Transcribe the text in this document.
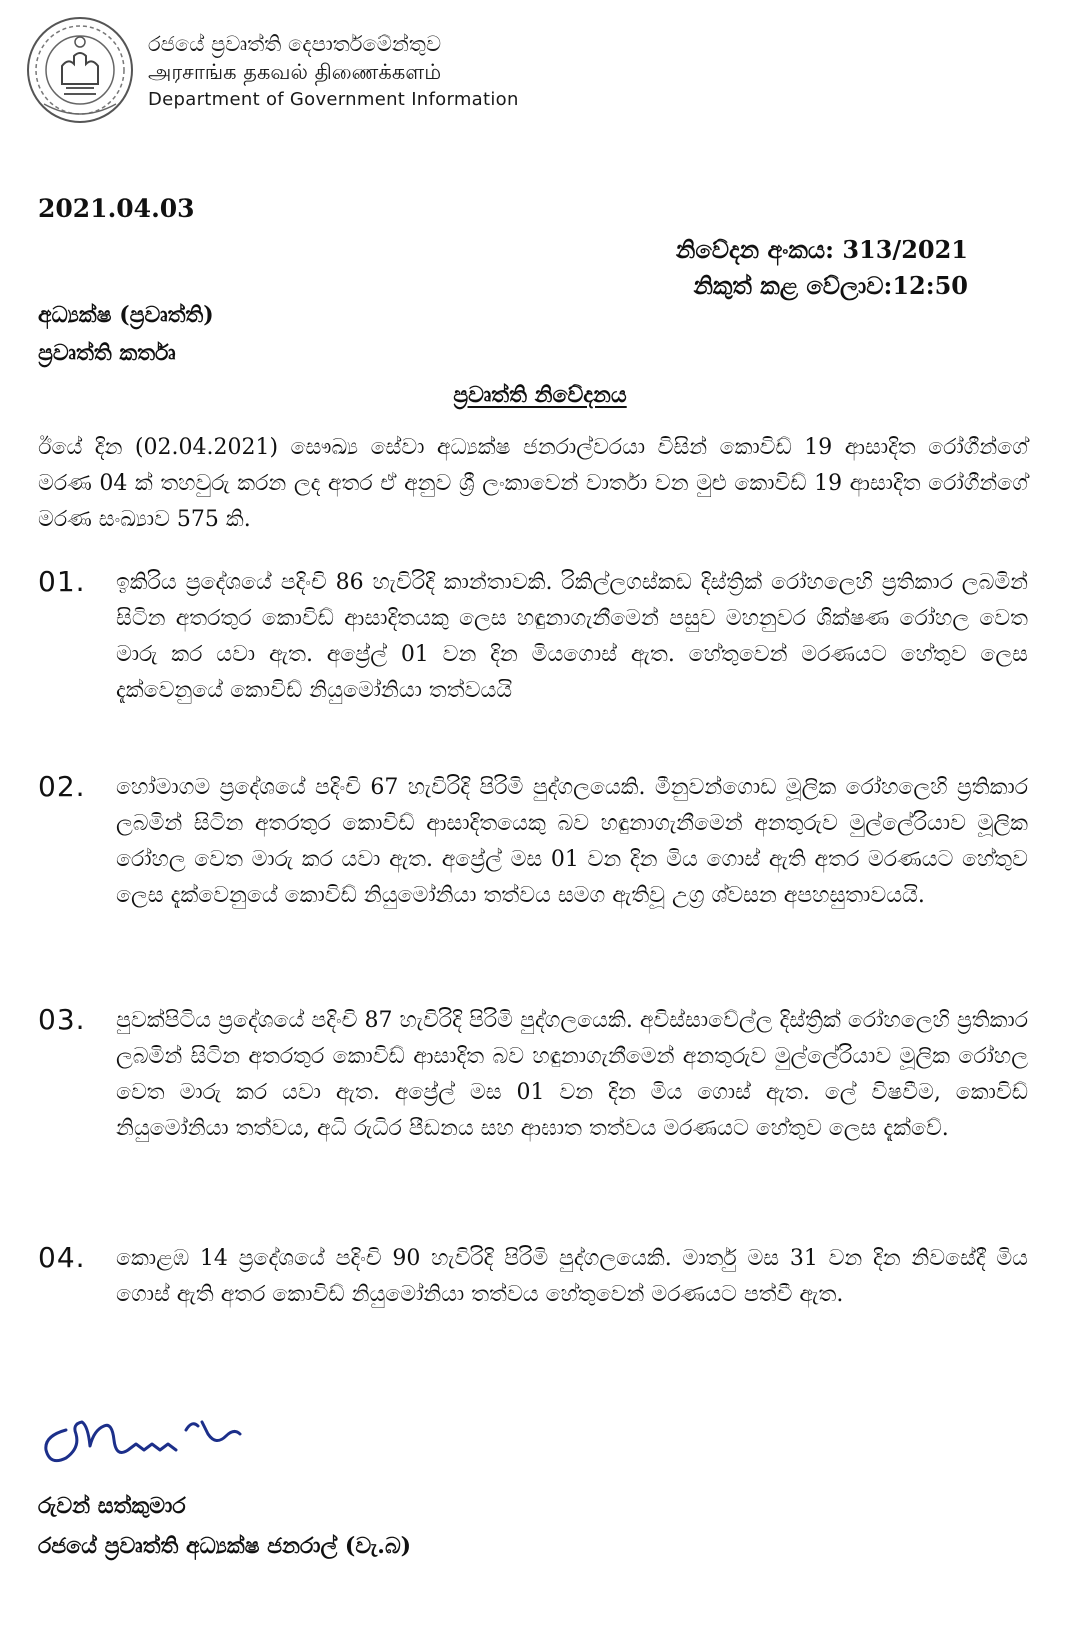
රජයේ ප්‍රවෘත්ති දෙපාර්තමේන්තුව
அரசாங்க தகவல் திணைக்களம்
Department of Government Information
2021.04.03
නිවේදන අංකය: 313/2021
නිකුත් කළ වේලාව:12:50
අධ්‍යක්ෂ (ප්‍රවෘත්ති)
ප්‍රවෘත්ති කර්තෘ
ප්‍රවෘත්ති නිවේදනය
ඊයේ දින (02.04.2021) සෞඛ්‍ය සේවා අධ්‍යක්ෂ ජනරාල්වරයා විසින් කොවිඩ් 19 ආසාදිත රෝගීන්ගේ මරණ 04 ක් තහවුරු කරන ලද අතර ඒ අනුව ශ්‍රී ලංකාවෙන් වාර්තා වන මුළු කොවිඩ් 19 ආසාදිත රෝගීන්ගේ මරණ සංඛ්‍යාව 575 කි.
01. ඉකිරිය ප්‍රදේශයේ පදිංචි 86 හැවිරිදි කාන්තාවකි. රිකිල්ලගස්කඩ දිස්ත්‍රික් රෝහලෙහි ප්‍රතිකාර ලබමින් සිටින අතරතුර කොවිඩ් ආසාදිතයකු ලෙස හඳුනාගැනීමෙන් පසුව මහනුවර ශික්ෂණ රෝහල වෙත මාරු කර යවා ඇත. අප්‍රේල් 01 වන දින මියගොස් ඇත. හේතුවෙන් මරණයට හේතුව ලෙස දැක්වෙනුයේ කොවිඩ් නියුමෝනියා තත්වයයි
02. හෝමාගම ප්‍රදේශයේ පදිංචි 67 හැවිරිදි පිරිමි පුද්ගලයෙකි. මීනුවන්ගොඩ මූලික රෝහලෙහි ප්‍රතිකාර ලබමින් සිටින අතරතුර කොවිඩ් ආසාදිතයෙකු බව හඳුනාගැනීමෙන් අනතුරුව මුල්ලේරියාව මූලික රෝහල වෙත මාරු කර යවා ඇත. අප්‍රේල් මස 01 වන දින මිය ගොස් ඇති අතර මරණයට හේතුව ලෙස දැක්වෙනුයේ කොවිඩ් නියුමෝනියා තත්වය සමග ඇතිවූ උග්‍ර ශ්වසන අපහසුතාවයයි.
03. පුවක්පිටිය ප්‍රදේශයේ පදිංචි 87 හැවිරිදි පිරිමි පුද්ගලයෙකි. අවිස්සාවේල්ල දිස්ත්‍රික් රෝහලෙහි ප්‍රතිකාර ලබමින් සිටින අතරතුර කොවිඩ් ආසාදිත බව හඳුනාගැනීමෙන් අනතුරුව මුල්ලේරියාව මූලික රෝහල වෙත මාරු කර යවා ඇත. අප්‍රේල් මස 01 වන දින මිය ගොස් ඇත. ලේ විෂවීම, කොවිඩ් නියුමෝනියා තත්වය, අධි රුධිර පීඩනය සහ ආඝාත තත්වය මරණයට හේතුව ලෙස දැක්වේ.
04. කොළඹ 14 ප්‍රදේශයේ පදිංචි 90 හැවිරිදි පිරිමි පුද්ගලයෙකි. මාර්තු මස 31 වන දින නිවසේදී මිය ගොස් ඇති අතර කොවිඩ් නියුමෝනියා තත්වය හේතුවෙන් මරණයට පත්වී ඇත.
රුවන් සත්කුමාර
රජයේ ප්‍රවෘත්ති අධ්‍යක්ෂ ජනරාල් (වැ.බ)
